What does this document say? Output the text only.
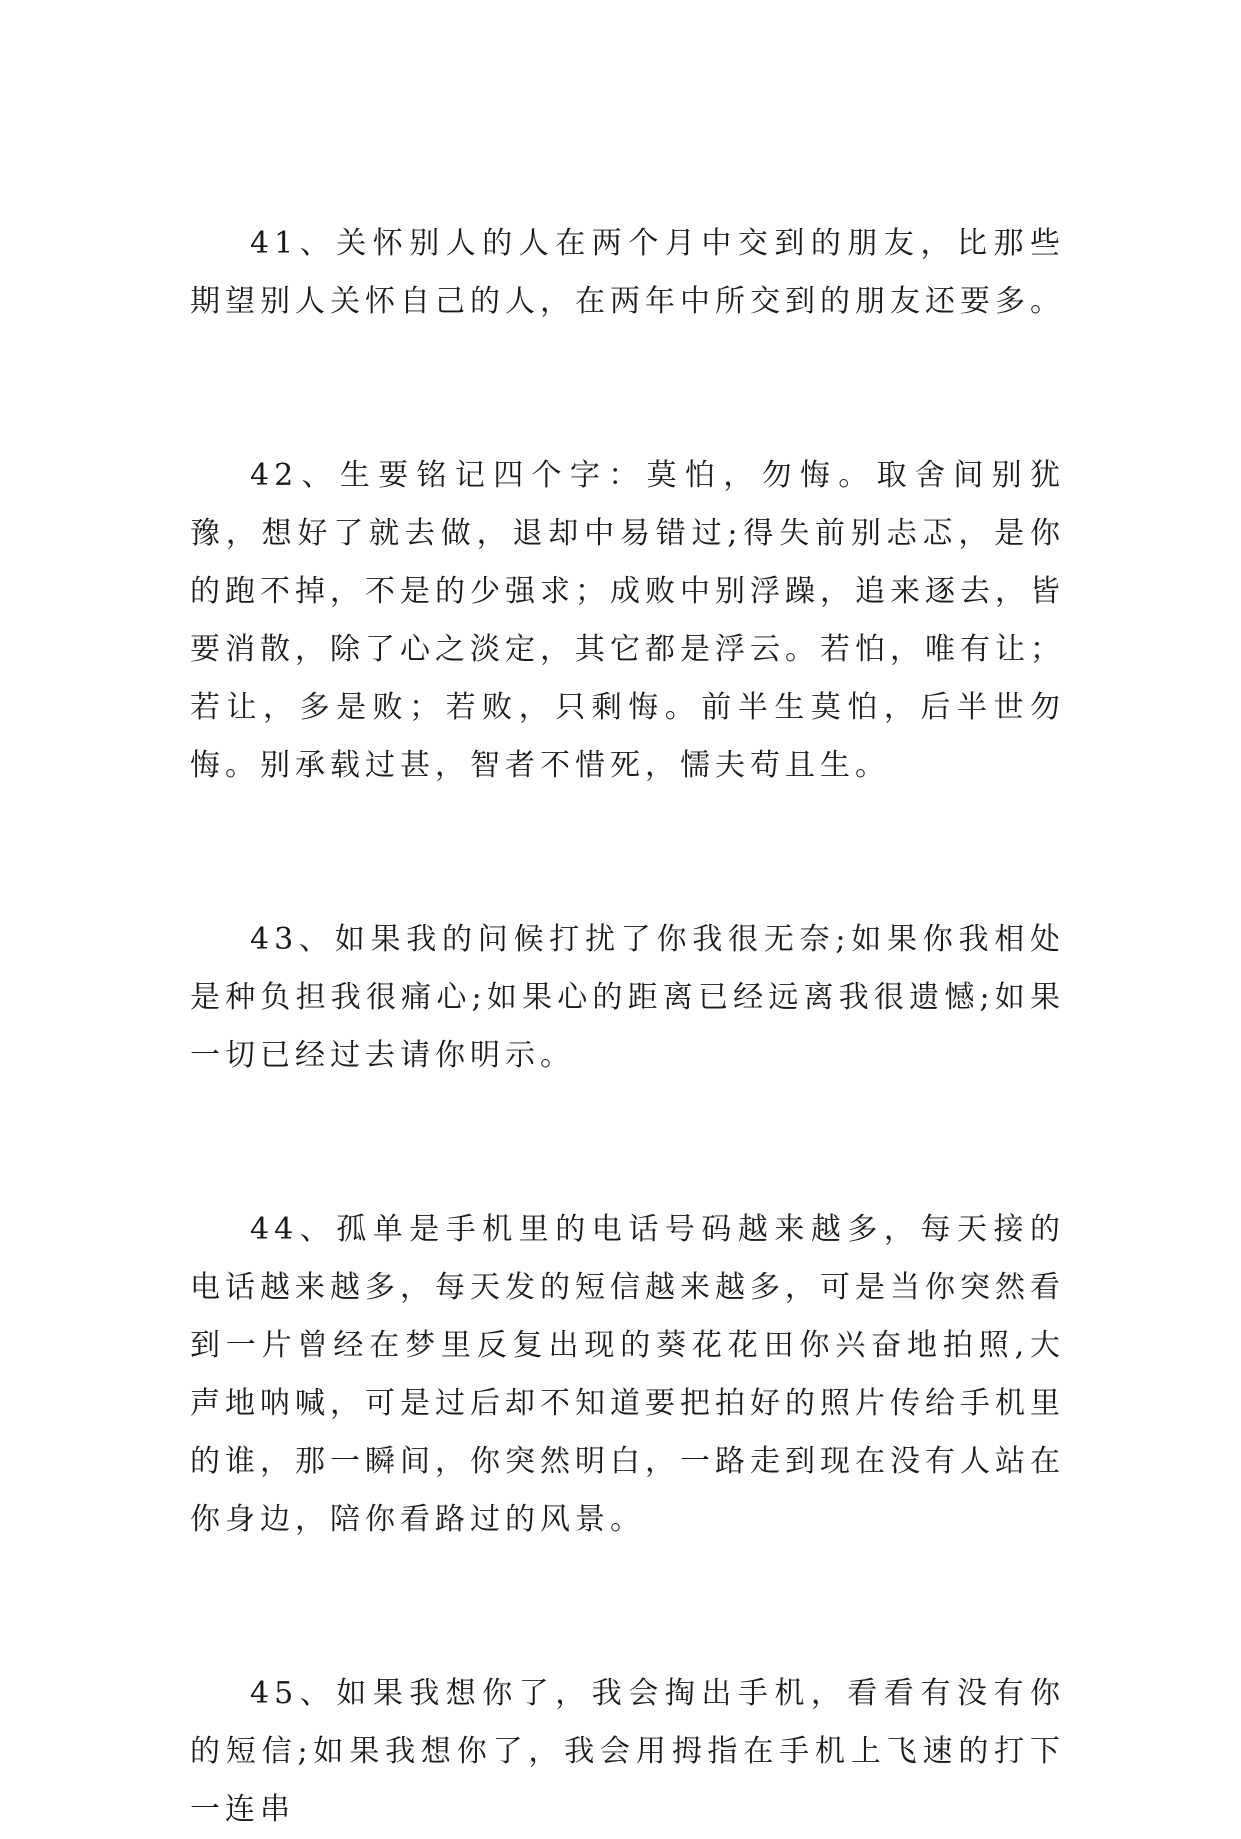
41、关怀别人的人在两个月中交到的朋友，比那些期望别人关怀自己的人，在两年中所交到的朋友还要多。

42、生要铭记四个字：莫怕，勿悔。取舍间别犹豫，想好了就去做，退却中易错过;得失前别忐忑，是你的跑不掉，不是的少强求；成败中别浮躁，追来逐去，皆要消散，除了心之淡定，其它都是浮云。若怕，唯有让；若让，多是败；若败，只剩悔。前半生莫怕，后半世勿悔。别承载过甚，智者不惜死，懦夫苟且生。

43、如果我的问候打扰了你我很无奈;如果你我相处是种负担我很痛心;如果心的距离已经远离我很遗憾;如果一切已经过去请你明示。

44、孤单是手机里的电话号码越来越多，每天接的电话越来越多，每天发的短信越来越多，可是当你突然看到一片曾经在梦里反复出现的葵花花田你兴奋地拍照,大声地呐喊，可是过后却不知道要把拍好的照片传给手机里的谁，那一瞬间，你突然明白，一路走到现在没有人站在你身边，陪你看路过的风景。

45、如果我想你了，我会掏出手机，看看有没有你的短信;如果我想你了，我会用拇指在手机上飞速的打下一连串
